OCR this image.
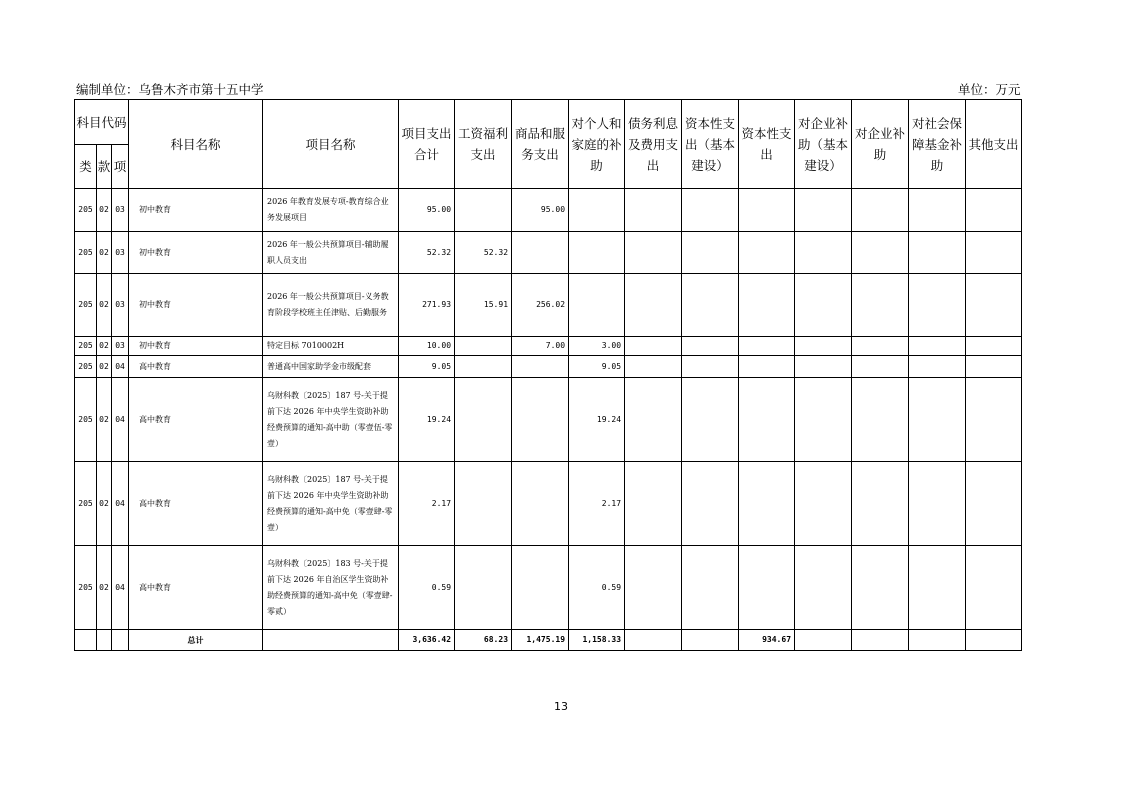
编制单位：乌鲁木齐市第十五中学	单位：万元
科目代码			科目名称	项目名称	项目支出合计	工资福利支出	商品和服务支出	对个人和家庭的补助	债务利息及费用支出	资本性支出（基本建设）	资本性支出	对企业补助（基本建设）	对企业补助	对社会保障基金补助	其他支出
类	款	项													
205	02	03	初中教育	2026 年教育发展专项-教育综合业务发展项目	95.00		95.00								
205	02	03	初中教育	2026 年一般公共预算项目-辅助履职人员支出	52.32	52.32									
205	02	03	初中教育	2026 年一般公共预算项目-义务教育阶段学校班主任津贴、后勤服务	271.93	15.91	256.02								
205	02	03	初中教育	特定目标 7010002H	10.00		7.00	3.00							
205	02	04	高中教育	普通高中国家助学金市级配套	9.05			9.05							
205	02	04	高中教育	乌财科教〔2025〕187 号-关于提前下达 2026 年中央学生资助补助经费预算的通知-高中助（零壹伍-零壹）	19.24			19.24							
205	02	04	高中教育	乌财科教〔2025〕187 号-关于提前下达 2026 年中央学生资助补助经费预算的通知-高中免（零壹肆-零壹）	2.17			2.17							
205	02	04	高中教育	乌财科教〔2025〕183 号-关于提前下达 2026 年自治区学生资助补助经费预算的通知-高中免（零壹肆-零贰）	0.59			0.59							
			总计		3,636.42	68.23	1,475.19	1,158.33			934.67				
13
